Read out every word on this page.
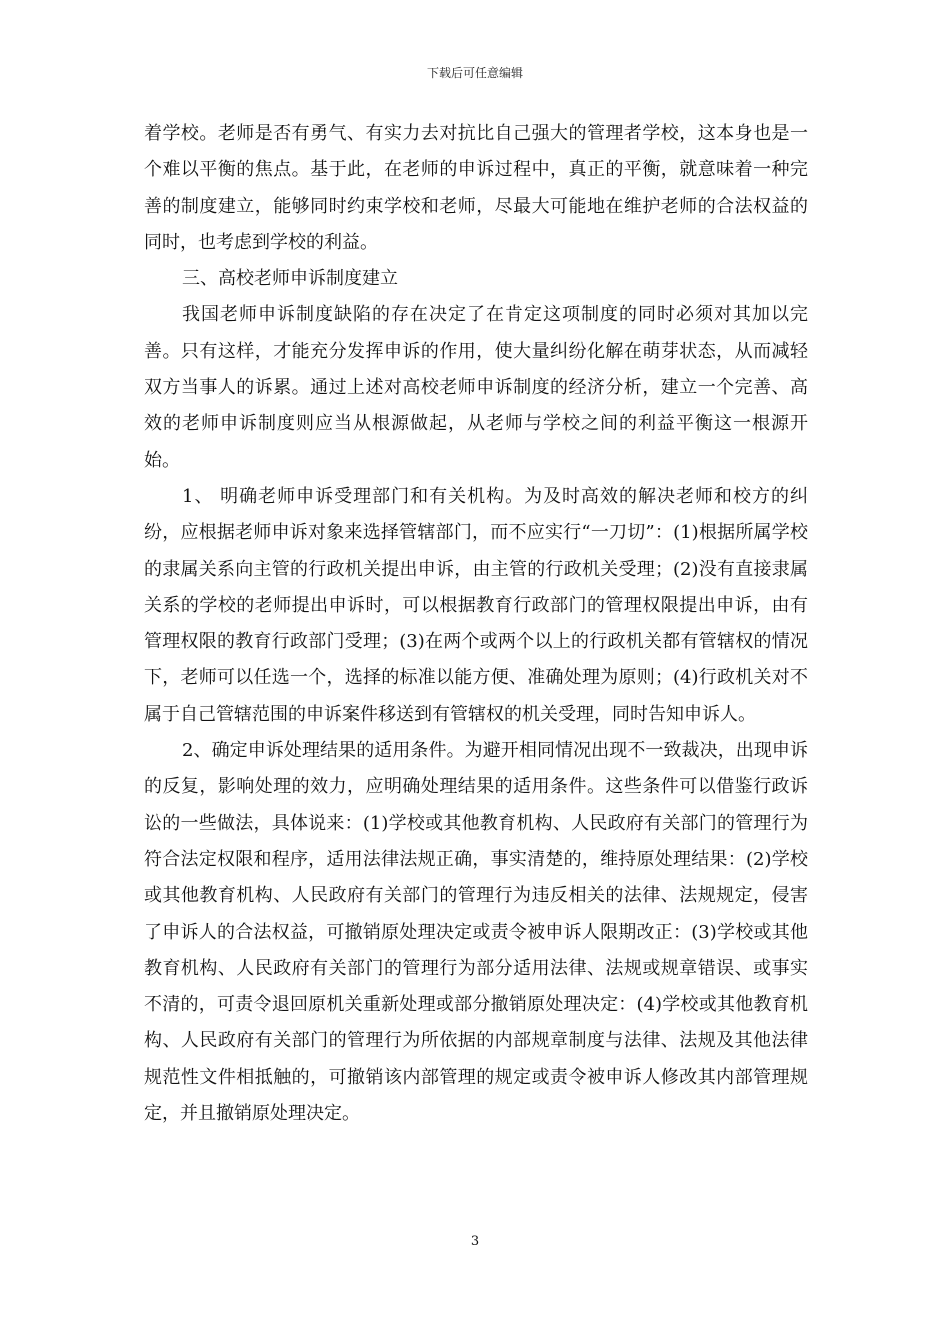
下载后可任意编辑

着学校。老师是否有勇气、有实力去对抗比自己强大的管理者学校，这本身也是一个难以平衡的焦点。基于此，在老师的申诉过程中，真正的平衡，就意味着一种完善的制度建立，能够同时约束学校和老师，尽最大可能地在维护老师的合法权益的同时，也考虑到学校的利益。

三、高校老师申诉制度建立

我国老师申诉制度缺陷的存在决定了在肯定这项制度的同时必须对其加以完善。只有这样，才能充分发挥申诉的作用，使大量纠纷化解在萌芽状态，从而减轻双方当事人的诉累。通过上述对高校老师申诉制度的经济分析，建立一个完善、高效的老师申诉制度则应当从根源做起，从老师与学校之间的利益平衡这一根源开始。

1、 明确老师申诉受理部门和有关机构。为及时高效的解决老师和校方的纠纷，应根据老师申诉对象来选择管辖部门，而不应实行“一刀切”：(1)根据所属学校的隶属关系向主管的行政机关提出申诉，由主管的行政机关受理；(2)没有直接隶属关系的学校的老师提出申诉时，可以根据教育行政部门的管理权限提出申诉，由有管理权限的教育行政部门受理；(3)在两个或两个以上的行政机关都有管辖权的情况下，老师可以任选一个，选择的标准以能方便、准确处理为原则；(4)行政机关对不属于自己管辖范围的申诉案件移送到有管辖权的机关受理，同时告知申诉人。

2、确定申诉处理结果的适用条件。为避开相同情况出现不一致裁决，出现申诉的反复，影响处理的效力，应明确处理结果的适用条件。这些条件可以借鉴行政诉讼的一些做法，具体说来：(1)学校或其他教育机构、人民政府有关部门的管理行为符合法定权限和程序，适用法律法规正确，事实清楚的，维持原处理结果：(2)学校或其他教育机构、人民政府有关部门的管理行为违反相关的法律、法规规定，侵害了申诉人的合法权益，可撤销原处理决定或责令被申诉人限期改正：(3)学校或其他教育机构、人民政府有关部门的管理行为部分适用法律、法规或规章错误、或事实不清的，可责令退回原机关重新处理或部分撤销原处理决定：(4)学校或其他教育机构、人民政府有关部门的管理行为所依据的内部规章制度与法律、法规及其他法律规范性文件相抵触的，可撤销该内部管理的规定或责令被申诉人修改其内部管理规定，并且撤销原处理决定。

3
